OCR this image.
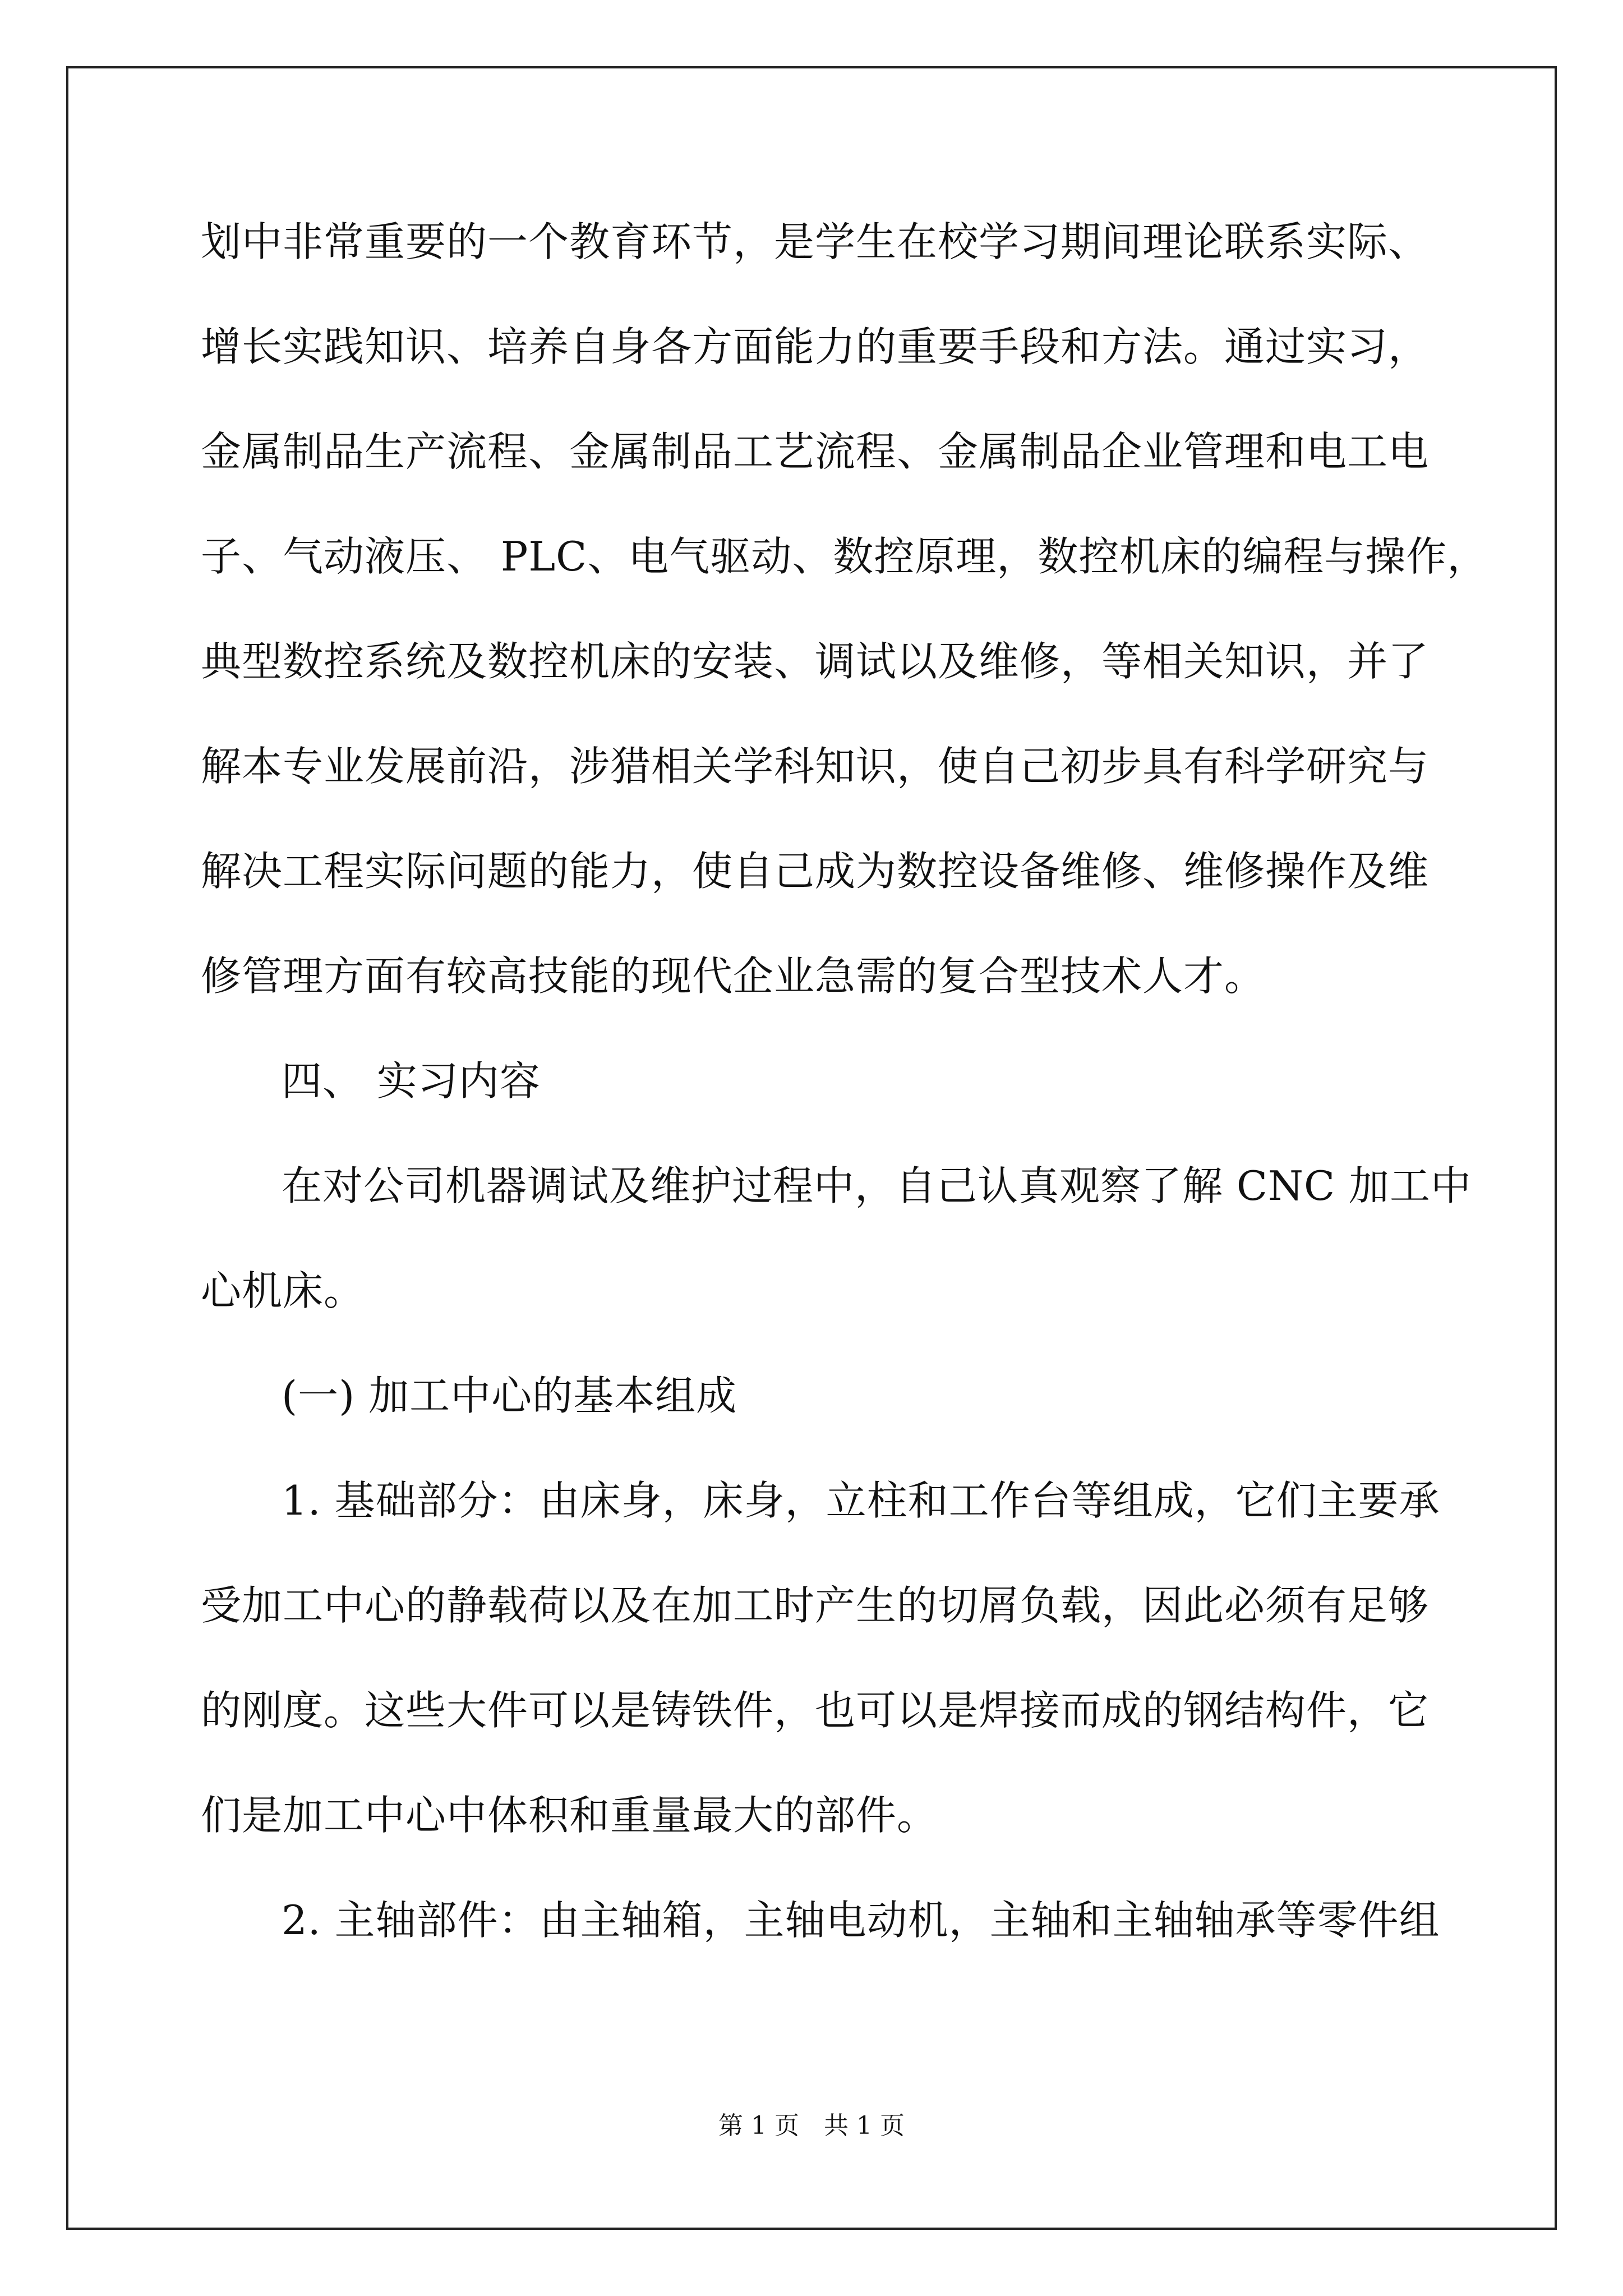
划中非常重要的一个教育环节，是学生在校学习期间理论联系实际、
增长实践知识、培养自身各方面能力的重要手段和方法。通过实习，
金属制品生产流程、金属制品工艺流程、金属制品企业管理和电工电
子、气动液压、 PLC、电气驱动、数控原理，数控机床的编程与操作，
典型数控系统及数控机床的安装、调试以及维修，等相关知识，并了
解本专业发展前沿，涉猎相关学科知识，使自己初步具有科学研究与
解决工程实际问题的能力，使自己成为数控设备维修、维修操作及维
修管理方面有较高技能的现代企业急需的复合型技术人才。
四、 实习内容
在对公司机器调试及维护过程中，自己认真观察了解 CNC 加工中
心机床。
(一) 加工中心的基本组成
1. 基础部分：由床身，床身，立柱和工作台等组成，它们主要承
受加工中心的静载荷以及在加工时产生的切屑负载，因此必须有足够
的刚度。这些大件可以是铸铁件，也可以是焊接而成的钢结构件，它
们是加工中心中体积和重量最大的部件。
2. 主轴部件：由主轴箱，主轴电动机，主轴和主轴轴承等零件组
第 1 页　共 1 页
